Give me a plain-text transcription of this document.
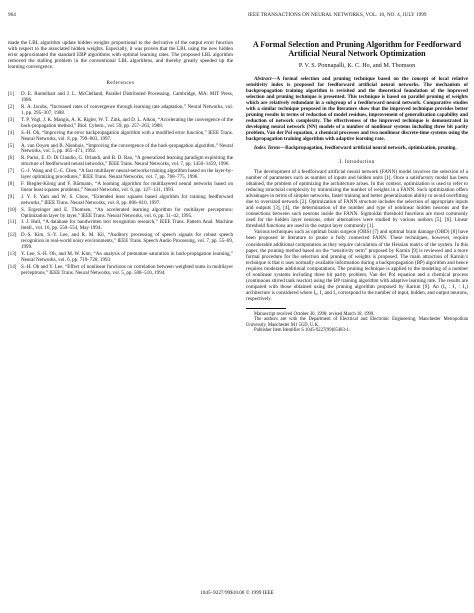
964	IEEE TRANSACTIONS ON NEURAL NETWORKS, VOL. 10, NO. 4, JULY 1999

made the LBL algorithm update hidden weights proportional to the derivative of the output error function with respect to the associated hidden weights. Especially, it was proven that the LBL using the new hidden error approximated the standard EBP algorithms with optimal learning rates. The proposed LBL algorithm removed the stalling problem in the conventional LBL algorithms, and thereby greatly speeded up the learning convergence.

References
[1]	D. E. Rumelhart and J. L. McClelland, Parallel Distributed Processing. Cambridge, MA: MIT Press, 1986.
[2]	R. A. Jacobs, “Increased rates of convergence through learning rate adaptation,” Neural Networks, vol. 1, pp. 295–307, 1988.
[3]	T. P. Vogl, J. K. Mangis, A. K. Rigler, W. T. Zink, and D. L. Alkon, “Accelerating the convergence of the back-propagation method,” Biol. Cybern., vol. 59, pp. 257–263, 1988.
[4]	S.-H. Oh, “Improving the error backpropagation algorithm with a modified error function,” IEEE Trans. Neural Networks, vol. 8, pp. 799–803, 1997.
[5]	A. van Ooyen and B. Nienhuis, “Improving the convergence of the back-propagation algorithm,” Neural Networks, vol. 5, pp. 465–471, 1992.
[6]	R. Parisi, E. D. Di Claudio, G. Orlandi, and B. D. Rao, “A generalized learning paradigm exploiting the structure of feedforward neural networks,” IEEE Trans. Neural Networks, vol. 7, pp. 1450–1459, 1996.
[7]	G.-J. Wang and C.-C. Chen, “A fast multilayer neural-networks training algorithm based on the layer-by-layer optimizing procedures,” IEEE Trans. Neural Networks, vol. 7, pp. 768–775, 1996.
[8]	F. Biegler-König and F. Bärmann, “A learning algorithm for multilayered neural networks based on linear least squares problems,” Neural Networks, vol. 6, pp. 127–131, 1993.
[9]	J. Y. F. Yam and W. S. Chow, “Extended least squares based algorithm for training feedforward networks,” IEEE Trans. Neural Networks, vol. 8, pp. 806–810, 1997.
[10] S. Ergezinger and E. Thomsen, “An accelerated learning algorithm for multilayer perceptrons: Optimization layer by layer,” IEEE Trans. Neural Networks, vol. 6, pp. 31–42, 1995.
[11] J. J. Hull, “A database for handwritten text recognition research,” IEEE Trans. Pattern Anal. Machine Intell., vol. 16, pp. 550–554, May 1994.
[12] D.-S. Kim, S.-Y. Lee, and R. M. Kil, “Auditory processing of speech signals for robust speech recognition in real-world noisy environments,” IEEE Trans. Speech Audio Processing, vol. 7, pp. 55–69, 1999.
[13] Y. Lee, S.-H. Oh, and M. W. Kim, “An analysis of premature saturation in back-propagation learning,” Neural Networks, vol. 6, pp. 719–728, 1993.
[14] S.-H. Oh and Y. Lee, “Effect of nonlinear functions on correlation between weighted sums in multilayer perceptrons,” IEEE Trans. Neural Networks, vol. 5, pp. 508–510, 1994.
A Formal Selection and Pruning Algorithm for Feedforward Artificial Neural Network Optimization
P. V. S. Ponnapalli, K. C. Ho, and M. Thomson

Abstract—A formal selection and pruning technique based on the concept of local relative sensitivity index is proposed for feedforward artificial neural networks. The mechanism of backpropagation training algorithm is revisited and the theoretical foundation of the improved selection and pruning technique is presented. This technique is based on parallel pruning of weights which are relatively redundant in a subgroup of a feedforward neural network. Comparative studies with a similar technique proposed in the literature show that the improved technique provides better pruning results in terms of reduction of model residues, improvement of generalization capability and reduction of network complexity. The effectiveness of the improved technique is demonstrated in developing neural network (NN) models of a number of nonlinear systems including three bit parity problem, Van der Pol equation, a chemical processes and two nonlinear discrete-time systems using the backpropagation training algorithm with adaptive learning rate.

Index Terms—Backpropagation, feedforward artificial neural network, optimization, pruning.

I. Introduction

The development of a feedforward artificial neural network (FANN) model involves the selection of a number of parameters such as number of inputs and hidden units [1]. Once a satisfactory model has been obtained, the problem of optimizing the architecture arises. In this context, optimization is used to refer to reducing structural complexity by minimizing the number of weights in a FANN. Such optimization offers advantages in terms of simpler networks, faster training and better generalization ability to avoid overfitting due to oversized network [2]. Optimization of FANN structure includes the selection of appropriate inputs and outputs [3], [4], the determination of the number and type of nonlinear hidden neurons and the connections between such neurons inside the FANN. Sigmoidal threshold functions are most commonly used for the hidden layer neurons, other alternatives were studied by various authors [5], [6]. Linear threshold functions are used in the output layer commonly [1].

Various techniques such as optimal brain surgeon (OBS) [7] and optimal brain damage (OBD) [8] have been proposed in literature to prune a fully connected FANN. These techniques, however, require considerable additional computation as they require calculation of the Hessian matrix of the system. In this paper, the pruning method based on the “sensitivity term” proposed by Karnin [9] is reviewed and a more formal procedure for the selection and pruning of weights is proposed. The main attraction of Karnin’s technique is that it uses normally available information during a backpropagation (BP) algorithm and hence requires moderate additional computations. The pruning technique is applied to the modeling of a number of nonlinear systems including three bit parity problem, Van der Pol equation and a chemical process (continuous stirred tank reactor) using the BP training algorithm with adaptive learning rate. The results are compared with those obtained using the pruning algorithm proposed by Karnin [9]. An (I₀ : I₁ : I₂) architecture is considered where I₀, I₁ and I₂ correspond to the number of input, hidden, and output neurons, respectively.

Manuscript received October 30, 1998; revised March 18, 1999.

The authors are with the Department of Electrical and Electronic Engineering, Manchester Metropolitan University, Manchester M1 5GD, U.K.

Publisher Item Identifier S 1045-9227(99)05483-1.

1045–9227/99$10.00 © 1999 IEEE
